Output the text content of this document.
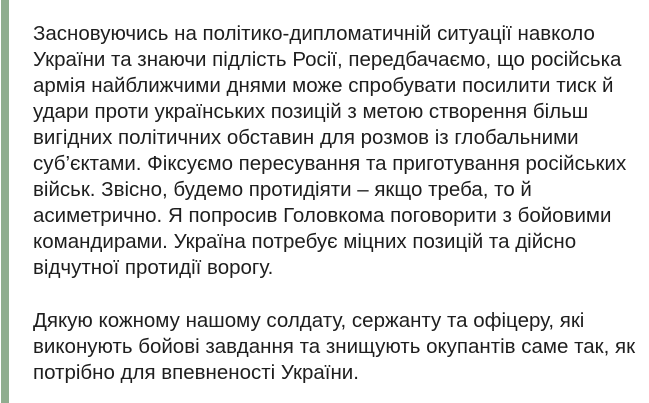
Засновуючись на політико-дипломатичній ситуації навколо
України та знаючи підлість Росії, передбачаємо, що російська
армія найближчими днями може спробувати посилити тиск й
удари проти українських позицій з метою створення більш
вигідних політичних обставин для розмов із глобальними
суб’єктами. Фіксуємо пересування та приготування російських
військ. Звісно, будемо протидіяти – якщо треба, то й
асиметрично. Я попросив Головкома поговорити з бойовими
командирами. Україна потребує міцних позицій та дійсно
відчутної протидії ворогу.
Дякую кожному нашому солдату, сержанту та офіцеру, які
виконують бойові завдання та знищують окупантів саме так, як
потрібно для впевненості України.
